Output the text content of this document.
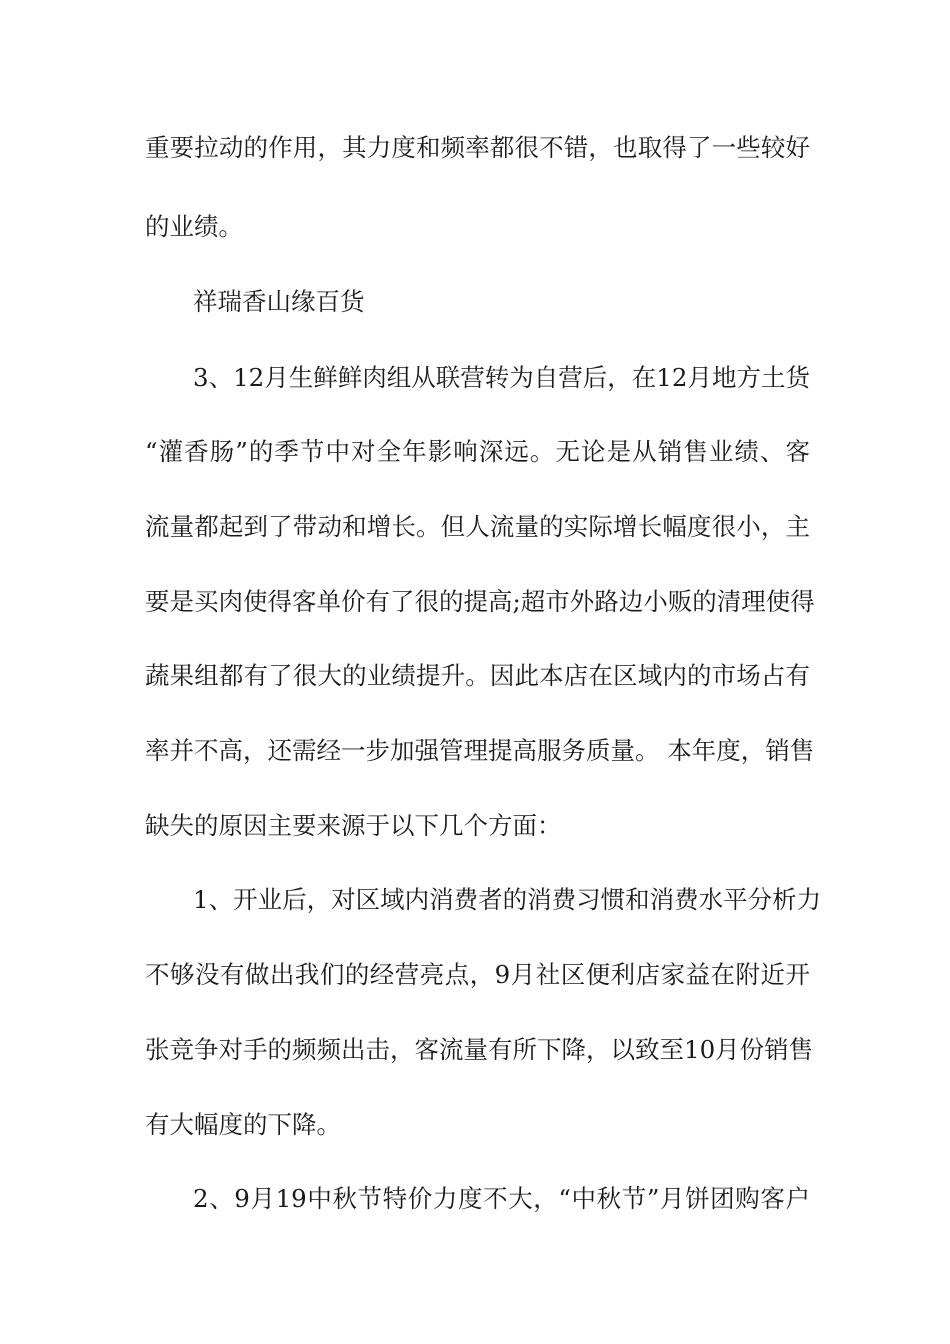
重要拉动的作用，其力度和频率都很不错，也取得了一些较好

的业绩。

祥瑞香山缘百货

3、12月生鲜鲜肉组从联营转为自营后，在12月地方土货

“灌香肠”的季节中对全年影响深远。无论是从销售业绩、客

流量都起到了带动和增长。但人流量的实际增长幅度很小，主

要是买肉使得客单价有了很的提高;超市外路边小贩的清理使得

蔬果组都有了很大的业绩提升。因此本店在区域内的市场占有

率并不高，还需经一步加强管理提高服务质量。 本年度，销售

缺失的原因主要来源于以下几个方面：

1、开业后，对区域内消费者的消费习惯和消费水平分析力

不够没有做出我们的经营亮点，9月社区便利店家益在附近开

张竞争对手的频频出击，客流量有所下降，以致至10月份销售

有大幅度的下降。

2、9月19中秋节特价力度不大，“中秋节”月饼团购客户
